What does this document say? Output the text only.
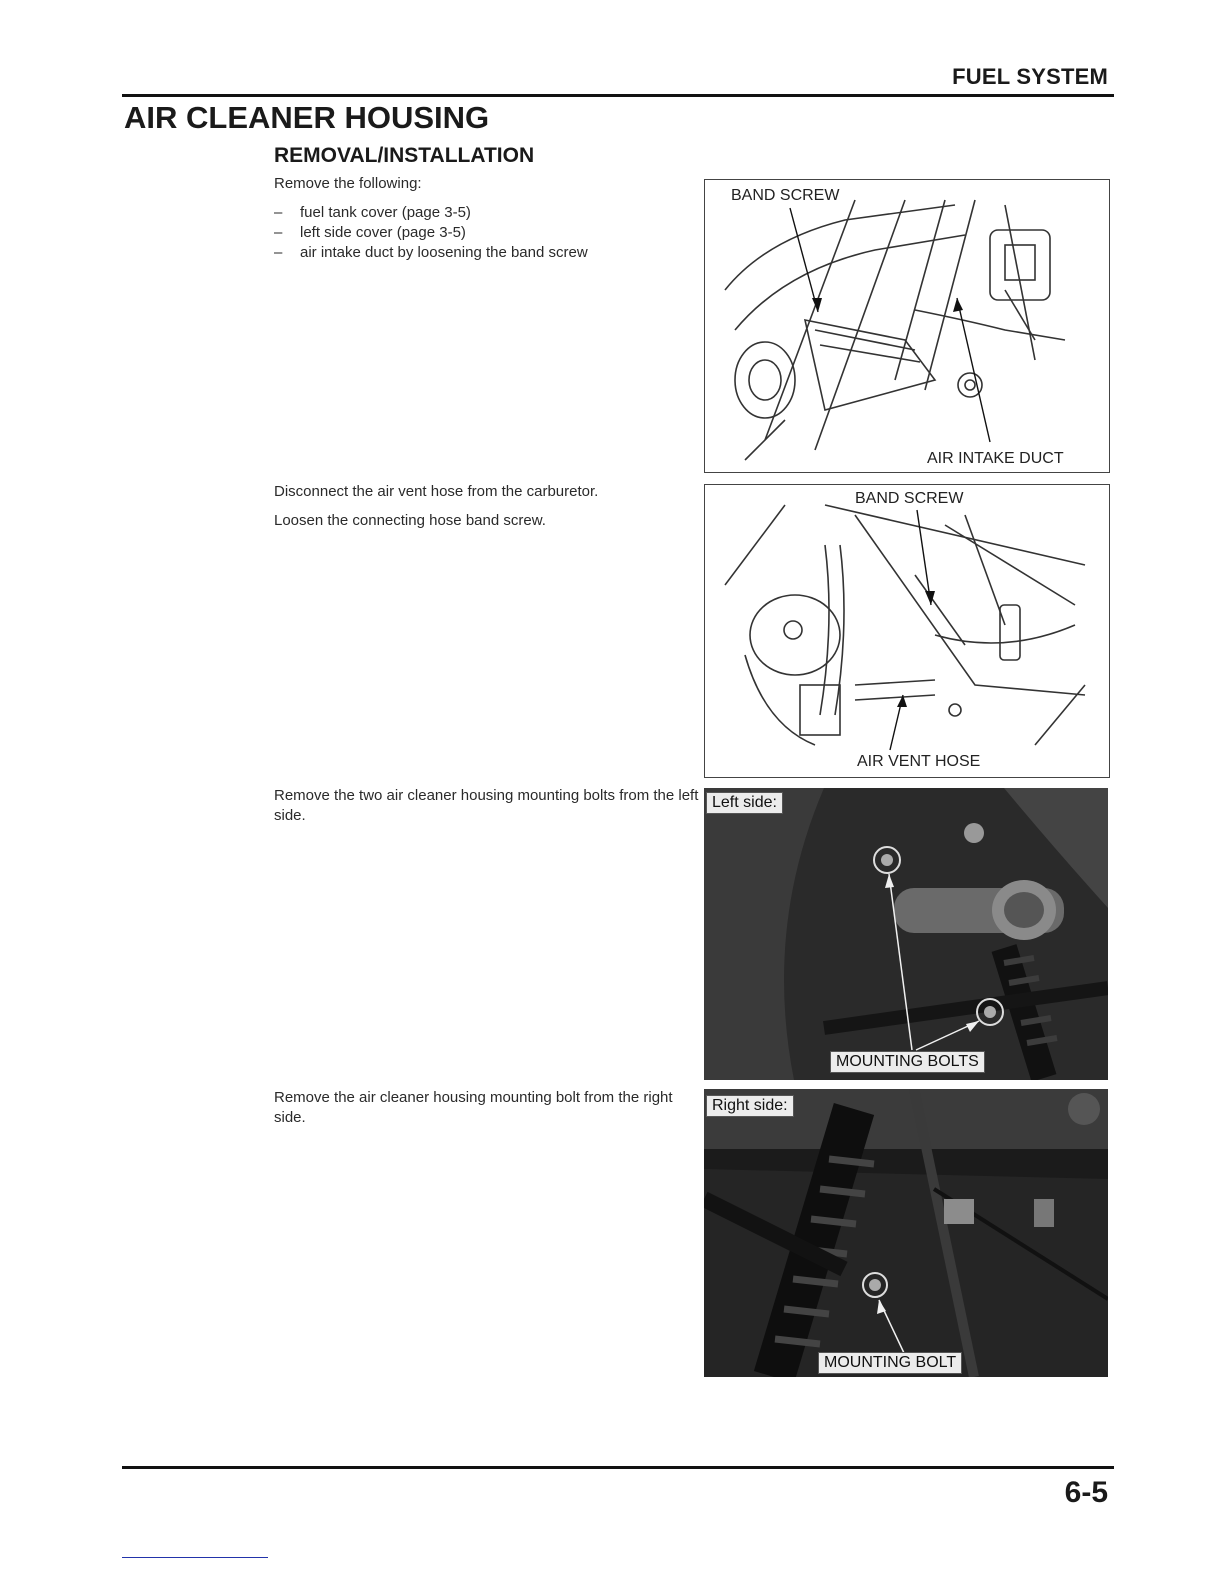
FUEL SYSTEM
AIR CLEANER HOUSING
REMOVAL/INSTALLATION
Remove the following:
– fuel tank cover (page 3-5)
– left side cover (page 3-5)
– air intake duct by loosening the band screw
Disconnect the air vent hose from the carburetor.
Loosen the connecting hose band screw.
Remove the two air cleaner housing mounting bolts from the left side.
Remove the air cleaner housing mounting bolt from the right side.
BAND SCREW
AIR INTAKE DUCT
BAND SCREW
AIR VENT HOSE
Left side:
MOUNTING BOLTS
Right side:
MOUNTING BOLT
6-5
